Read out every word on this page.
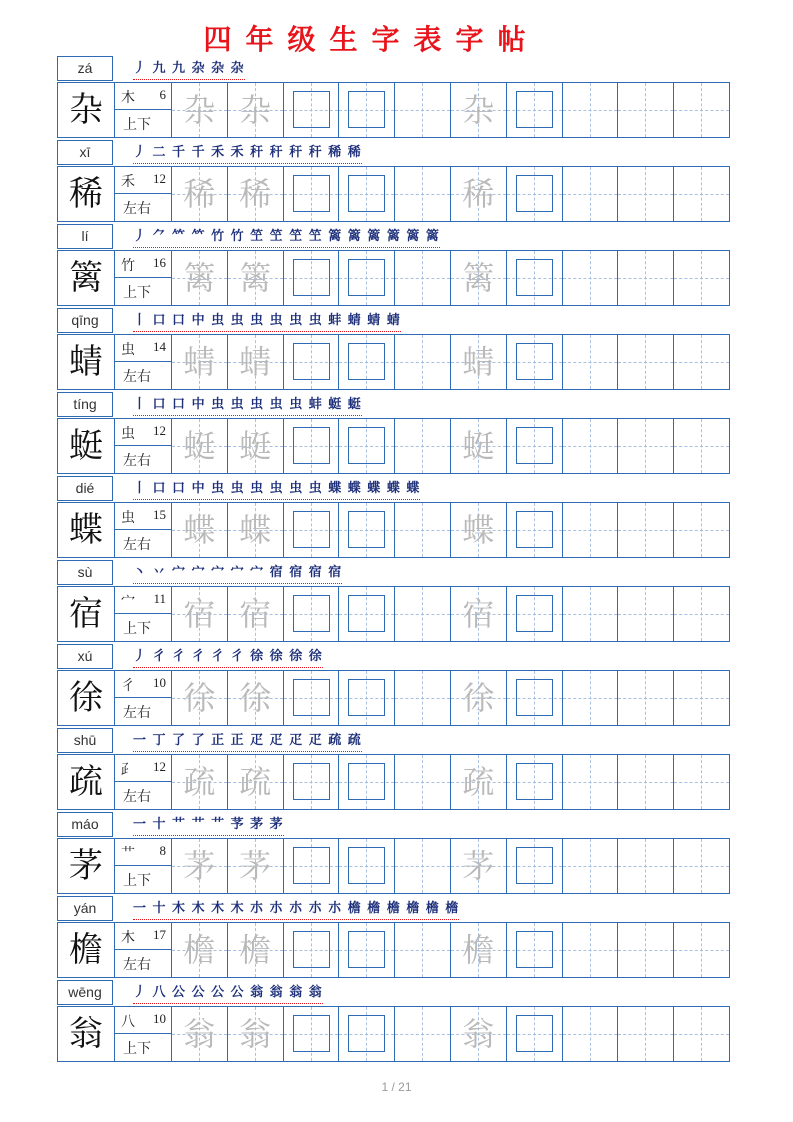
四年级生字表字帖
zá	丿 九 九 杂 杂 杂
杂	木 6
上下	杂 杂	杂
xī	丿 二 千 千 禾 禾 秆 秆 秆 秆 稀 稀
稀	禾 12
左右	稀 稀	稀
lí	丿 ⺈ 𥫗 𥫗 竹 竹 笁 笁 笁 笁 篱 篱 篱 篱 篱 篱
篱	竹 16
上下	篱 篱	篱
qīng	丨 口 口 中 虫 虫 虫 虫 虫 虫 蚌 蜻 蜻 蜻
蜻	虫 14
左右	蜻 蜻	蜻
tíng	丨 口 口 中 虫 虫 虫 虫 虫 蚌 蜓 蜓
蜓	虫 12
左右	蜓 蜓	蜓
dié	丨 口 口 中 虫 虫 虫 虫 虫 虫 蝶 蝶 蝶 蝶 蝶
蝶	虫 15
左右	蝶 蝶	蝶
sù	丶 丷 宀 宀 宀 宀 宀 宿 宿 宿 宿
宿	宀 11
上下	宿 宿	宿
xú	丿 彳 彳 彳 彳 彳 徐 徐 徐 徐
徐	彳 10
左右	徐 徐	徐
shū	一 丁 了 了 正 正 疋 疋 疋 疋 疏 疏
疏	⺪ 12
左右	疏 疏	疏
máo	一 十 艹 艹 艹 芧 茅 茅
茅	艹 8
上下	茅 茅	茅
yán	一 十 木 木 木 木 朩 朩 朩 朩 朩 檐 檐 檐 檐 檐 檐
檐	木 17
左右	檐 檐	檐
wēng	丿 八 公 公 公 公 翁 翁 翁 翁
翁	八 10
上下	翁 翁	翁
1 / 21
